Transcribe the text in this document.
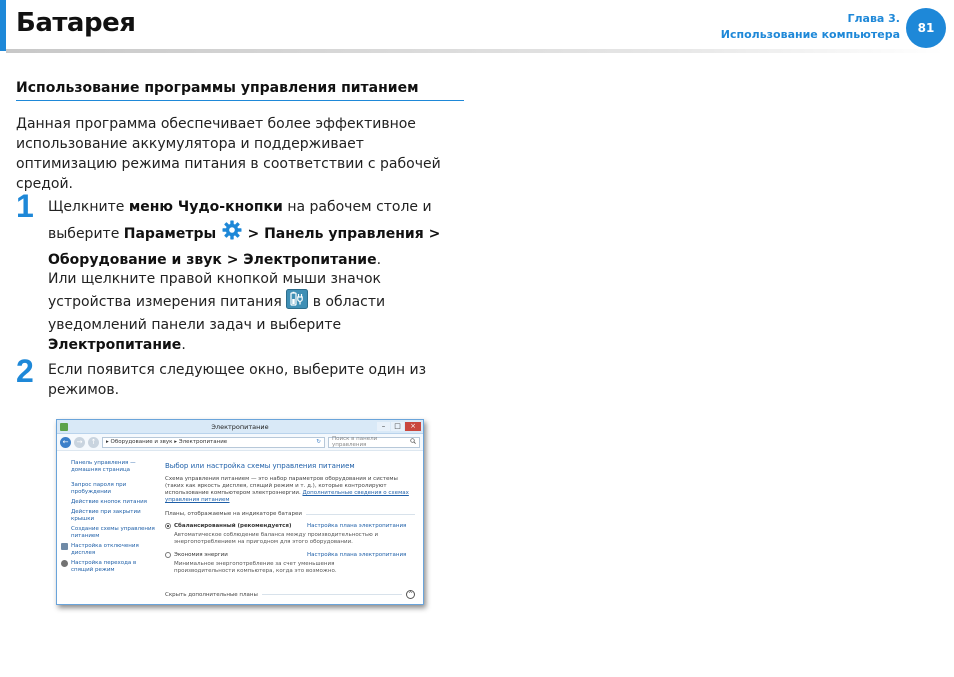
Батарея	Глава 3.
Использование компьютера	81
Использование программы управления питанием
Данная программа обеспечивает более эффективное использование аккумулятора и поддерживает оптимизацию режима питания в соответствии с рабочей средой.
1 Щелкните меню Чудо-кнопки на рабочем столе и выберите Параметры  > Панель управления > Оборудование и звук > Электропитание.
Или щелкните правой кнопкой мыши значок устройства измерения питания  в области уведомлений панели задач и выберите Электропитание.
2 Если появится следующее окно, выберите один из режимов.
Электропитание	–	□	×
←	→	↑	▸ Оборудование и звук ▸ Электропитание	↻ Поиск в панели управления
Панель управления — домашняя страница
Запрос пароля при пробуждении
Действие кнопок питания
Действие при закрытии крышки
Создание схемы управления питанием
Настройка отключения дисплея
Настройка перехода в спящий режим
Выбор или настройка схемы управления питанием
Схема управления питанием — это набор параметров оборудования и системы (таких как яркость дисплея, спящий режим и т. д.), которые контролируют использование компьютером электроэнергии. Дополнительные сведения о схемах управления питанием
Планы, отображаемые на индикаторе батареи
Сбалансированный (рекомендуется)	Настройка плана электропитания
Автоматическое соблюдение баланса между производительностью и энергопотреблением на пригодном для этого оборудовании.
Экономия энергии	Настройка плана электропитания
Минимальное энергопотребление за счет уменьшения производительности компьютера, когда это возможно.
Скрыть дополнительные планы	^
